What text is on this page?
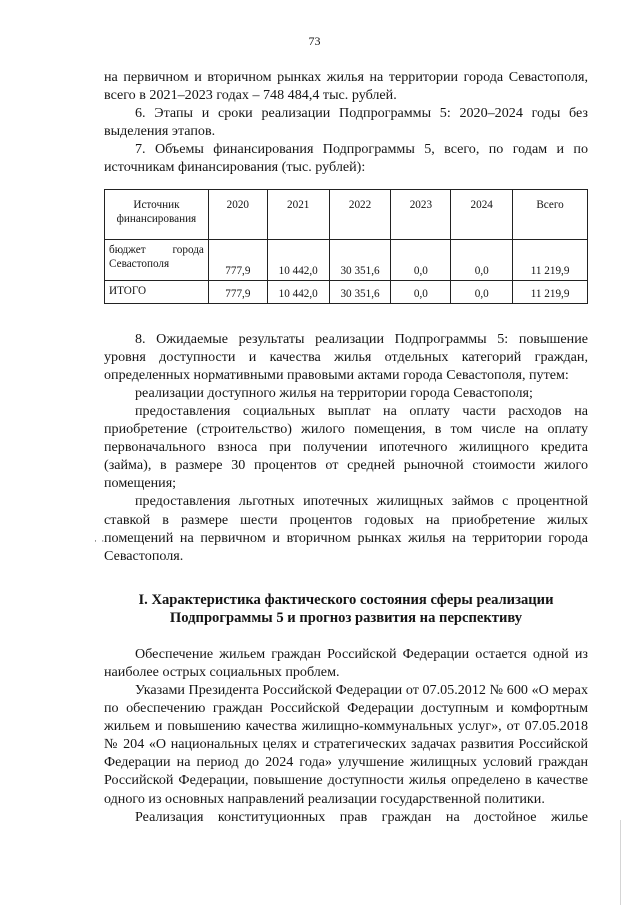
73

на первичном и вторичном рынках жилья на территории города Севастополя, всего в 2021–2023 годах – 748 484,4 тыс. рублей.

6. Этапы и сроки реализации Подпрограммы 5: 2020–2024 годы без выделения этапов.

7. Объемы финансирования Подпрограммы 5, всего, по годам и по источникам финансирования (тыс. рублей):

Источник финансирования	2020	2021	2022	2023	2024	Всего
бюджет города Севастополя	777,9	10 442,0	30 351,6	0,0	0,0	11 219,9
ИТОГО	777,9	10 442,0	30 351,6	0,0	0,0	11 219,9

8. Ожидаемые результаты реализации Подпрограммы 5: повышение уровня доступности и качества жилья отдельных категорий граждан, определенных нормативными правовыми актами города Севастополя, путем:

реализации доступного жилья на территории города Севастополя;

предоставления социальных выплат на оплату части расходов на приобретение (строительство) жилого помещения, в том числе на оплату первоначального взноса при получении ипотечного жилищного кредита (займа), в размере 30 процентов от средней рыночной стоимости жилого помещения;

предоставления льготных ипотечных жилищных займов с процентной ставкой в размере шести процентов годовых на приобретение жилых помещений на первичном и вторичном рынках жилья на территории города Севастополя.

I. Характеристика фактического состояния сферы реализации
Подпрограммы 5 и прогноз развития на перспективу

Обеспечение жильем граждан Российской Федерации остается одной из наиболее острых социальных проблем.

Указами Президента Российской Федерации от 07.05.2012 № 600 «О мерах по обеспечению граждан Российской Федерации доступным и комфортным жильем и повышению качества жилищно-коммунальных услуг», от 07.05.2018 № 204 «О национальных целях и стратегических задачах развития Российской Федерации на период до 2024 года» улучшение жилищных условий граждан Российской Федерации, повышение доступности жилья определено в качестве одного из основных направлений реализации государственной политики.

Реализация конституционных прав граждан на достойное жилье

· ·
